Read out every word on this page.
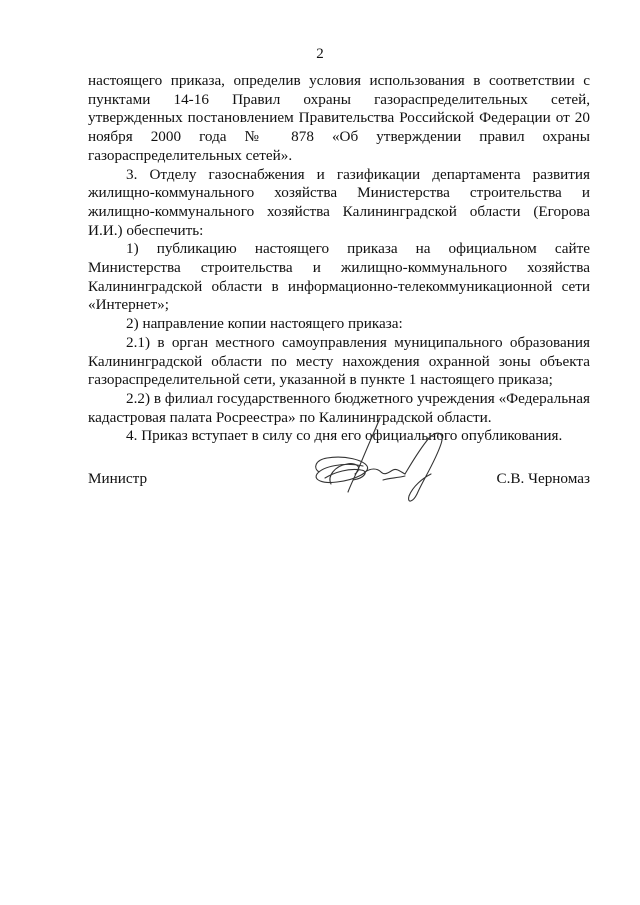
2

настоящего приказа, определив условия использования в соответствии с пунктами 14-16 Правил охраны газораспределительных сетей, утвержденных постановлением Правительства Российской Федерации от 20 ноября 2000 года № 878 «Об утверждении правил охраны газораспределительных сетей».

3. Отделу газоснабжения и газификации департамента развития жилищно-коммунального хозяйства Министерства строительства и жилищно-коммунального хозяйства Калининградской области (Егорова И.И.) обеспечить:

1) публикацию настоящего приказа на официальном сайте Министерства строительства и жилищно-коммунального хозяйства Калининградской области в информационно-телекоммуникационной сети «Интернет»;

2) направление копии настоящего приказа:

2.1) в орган местного самоуправления муниципального образования Калининградской области по месту нахождения охранной зоны объекта газораспределительной сети, указанной в пункте 1 настоящего приказа;

2.2) в филиал государственного бюджетного учреждения «Федеральная кадастровая палата Росреестра» по Калининградской области.

4. Приказ вступает в силу со дня его официального опубликования.

Министр	С.В. Черномаз
